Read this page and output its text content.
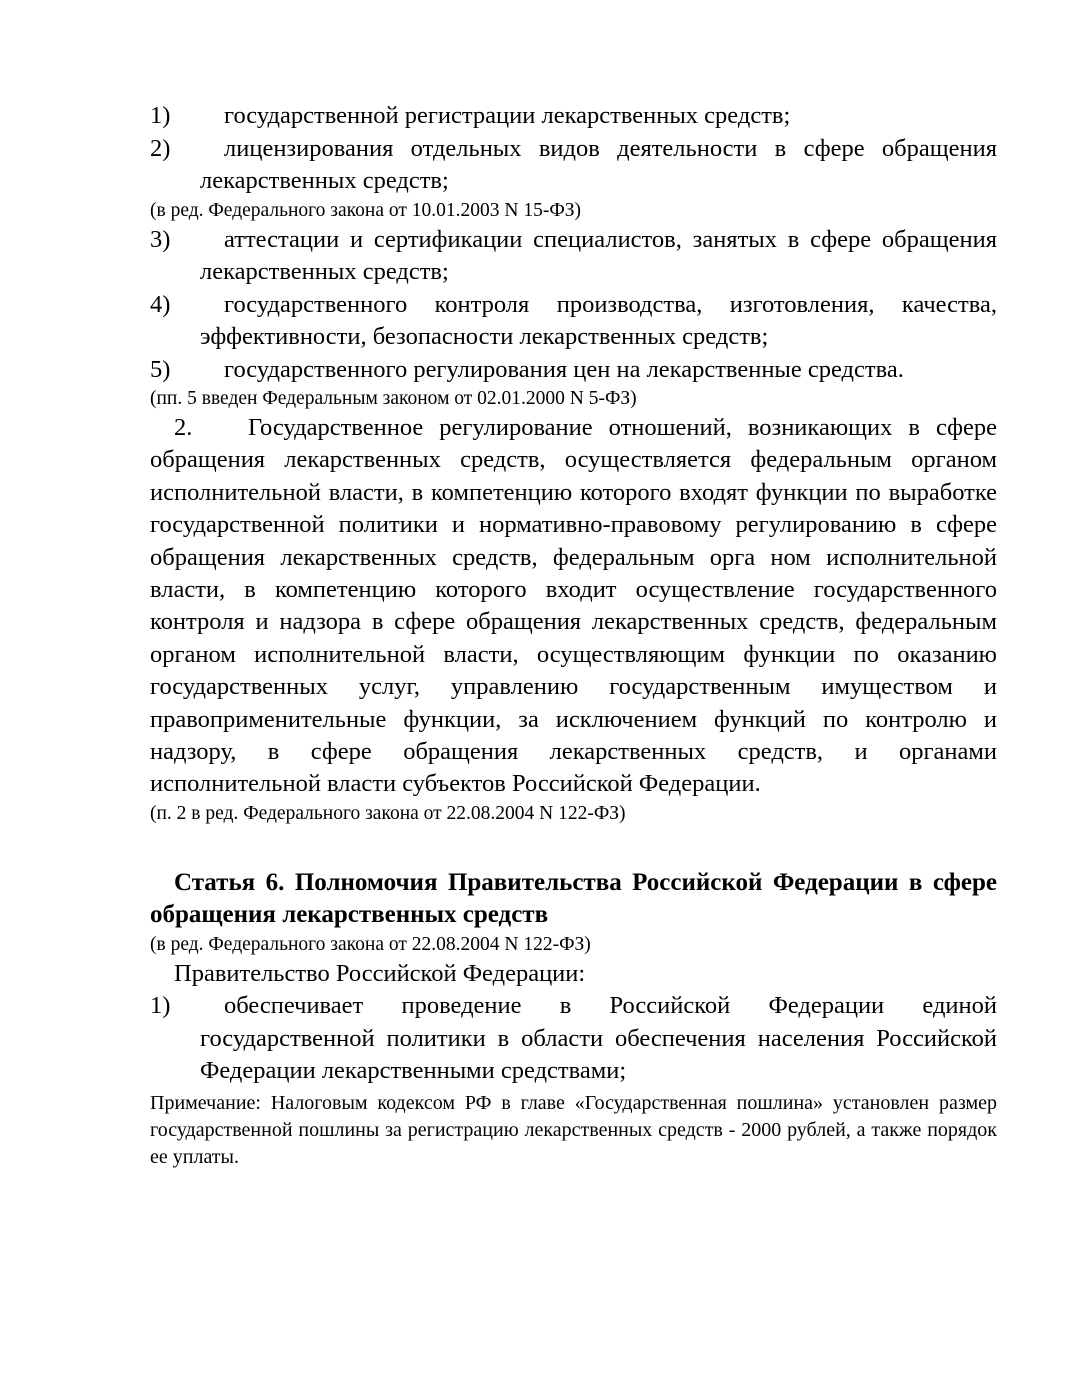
1)	государственной регистрации лекарственных средств;
2)	лицензирования отдельных видов деятельности в сфере обращения лекарственных средств;

(в ред. Федерального закона от 10.01.2003 N 15-ФЗ)

3)	аттестации и сертификации специалистов, занятых в сфере обращения лекарственных средств;
4)	государственного контроля производства, изготовления, качества, эффективности, безопасности лекарственных средств;
5)	государственного регулирования цен на лекарственные средства.

(пп. 5 введен Федеральным законом от 02.01.2000 N 5-ФЗ)

2. Государственное регулирование отношений, возникающих в сфере обращения лекарственных средств, осуществляется федеральным органом исполнительной власти, в компетенцию которого входят функции по выработке государственной политики и нормативно-правовому регулированию в сфере обращения лекарственных средств, федеральным орга ном исполнительной власти, в компетенцию которого входит осуществление государственного контроля и надзора в сфере обращения лекарственных средств, федеральным органом исполнительной власти, осуществляющим функции по оказанию государственных услуг, управлению государственным имуществом и правоприменительные функции, за исключением функций по контролю и надзору, в сфере обращения лекарственных средств, и органами исполнительной власти субъектов Российской Федерации.

(п. 2 в ред. Федерального закона от 22.08.2004 N 122-ФЗ)

Статья 6. Полномочия Правительства Российской Федерации в сфере обращения лекарственных средств

(в ред. Федерального закона от 22.08.2004 N 122-ФЗ)

Правительство Российской Федерации:

1)	обеспечивает проведение в Российской Федерации единой государственной политики в области обеспечения населения Российской Федерации лекарственными средствами;

Примечание: Налоговым кодексом РФ в главе «Государственная пошлина» установлен размер государственной пошлины за регистрацию лекарственных средств - 2000 рублей, а также порядок ее уплаты.
